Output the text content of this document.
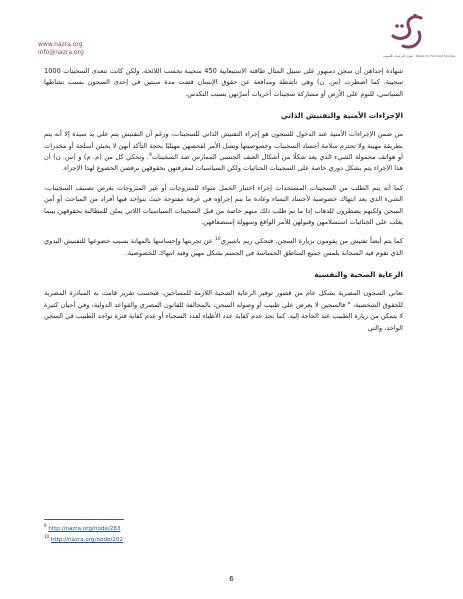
www.nazra.org
info@nazra.org	نظرة للدراسات النسوية · Nazra for Feminist Studies

شهادة إحداهن أن سجن دمنهور على سبيل المثال طاقته الاستيعابية 450 سجينة بحسب اللائحة، ولكن كانت تتعدى السجينات 1000 سجينة. كما اضطرت (س. ن) وهي ناشطة ومدافعة عن حقوق الإنسان قضت مدة سنتين في إحدى السجون بسبب نشاطها السياسي، للنوم على الأرض أو مشاركة سجينات أخريات أسرّتهن بسبب التكدس.

الإجراءات الأمنية والتفتيش الذاتي

من ضمن الإجراءات الأمنية عند الدخول للسجون هو إجراء التفتيش الذاتي للسجينات، ورغم أن التفتيش يتم على يد سيدة إلا أنه يتم بطريقة مهينة ولا تحترم سلامة أجساد السجينات وخصوصيتها ويصل الأمر لفحصهن مهبليًا بحجة التأكد أنهن لا يخبئن أسلحة أو مخدرات أو هواتف محمولة الشيء الذي يعد شكلًا من أشكال العنف الجنسي الممارس ضد السجينات$^9$. وتحكي كل من (م. م) و (س. ن) أن هذا الإجراء يتم بشكل دوري خاصة على السجينات الجنائيات ولكن السياسيات لمعرفتهن بحقوقهن يرفضن الخضوع لهذا الإجراء.

كما أنه يتم الطلب من السجينات المستجدات إجراء اختبار الحمل سواء للمتزوجات أو غير المتزوجات بغرض تصنيف السجينات، الشيء الذي يعد انتهاك خصوصية لأجساد النساء وعادة ما يتم إجراؤه في غرفة مفتوحة حيث يتواجد فيها أفراد من المباحث أو أمن السجن ولكنهم يضطرون للذهاب إذا ما تم طلب ذلك منهم خاصة من قبل السجينات السياسيات اللاتي يملن للمطالبة بحقوقهن بينما يغلب على الجنائيات استسلامهن وقبولهن للأمر الواقع وسهولة إستضعافهن.

كما يتم أيضاً تفتيش من يقومون بزيارة السجن. فتحكي ريم باشيري$^{10}$ عن تجربتها وإحساسها بالمهانة بسبب خضوعها للتفتيش اليدوي الذي تقوم فيه السجانة بلمس جميع المناطق الحساسة في الجسم بشكل مهين وفيه انتهاك للخصوصية.

الرعاية الصحية والنفسية

تعاني السجون المصرية بشكل عام من قصور توفير الرعاية الصحية اللازمة للمساجين، فبحسب تقرير قامت به المبادرة المصرية للحقوق الشخصية، " فالسجين لا يعرض على طبيب أو وصوله السجن، بالمخالفة للقانون المصري والقواعد الدولية، وفي أحيان كثيرة لا يتمكن من زيارة الطبيب عند الحاجة إليه. كما نجد عدم كفاية عدد الأطباء لعدد السجناء أو عدم كفاية فترة تواجد الطبيب في السجن الواحد، والتي

$^9$ http://nazra.org/node/283
$^{10}$ http://nazra.org/node/202
6
